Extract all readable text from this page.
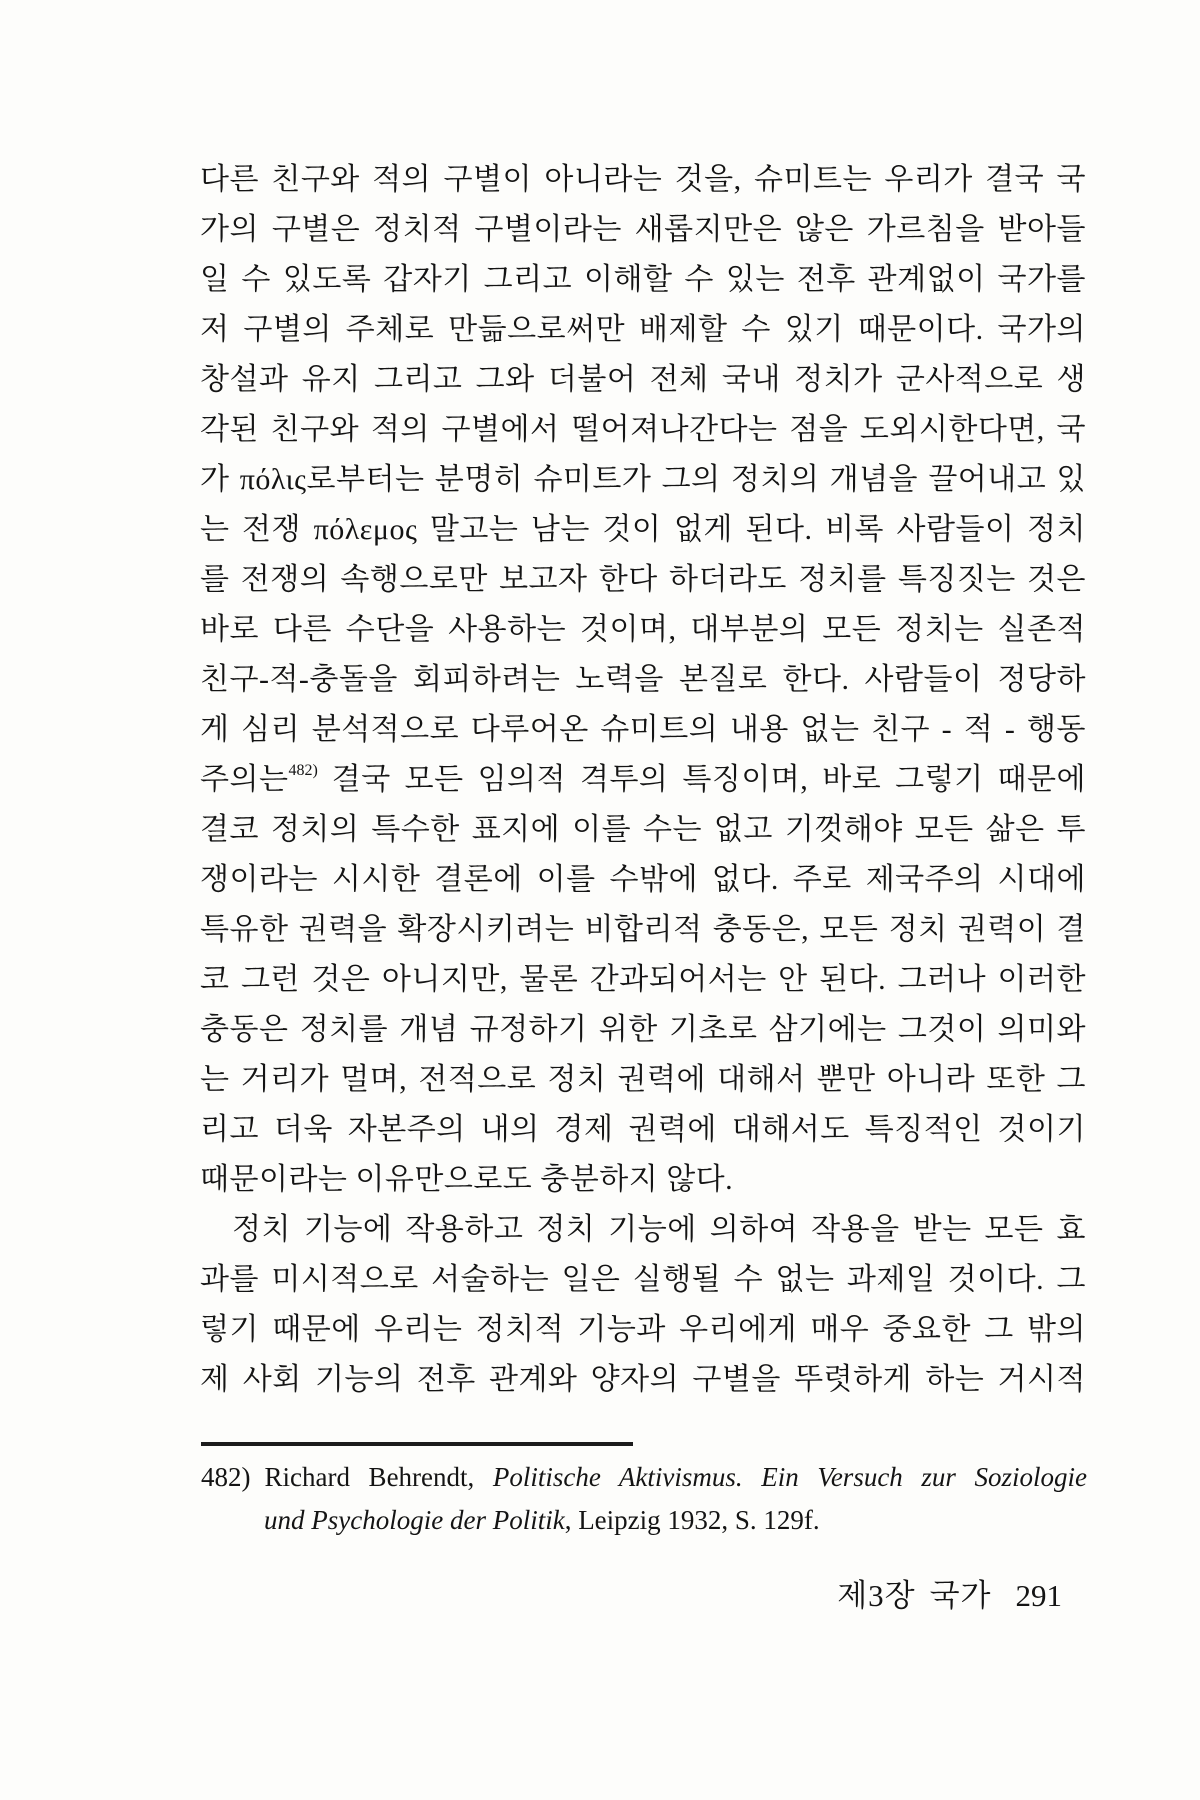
다른 친구와 적의 구별이 아니라는 것을, 슈미트는 우리가 결국 국
가의 구별은 정치적 구별이라는 새롭지만은 않은 가르침을 받아들
일 수 있도록 갑자기 그리고 이해할 수 있는 전후 관계없이 국가를
저 구별의 주체로 만듦으로써만 배제할 수 있기 때문이다. 국가의
창설과 유지 그리고 그와 더불어 전체 국내 정치가 군사적으로 생
각된 친구와 적의 구별에서 떨어져나간다는 점을 도외시한다면, 국
가 πόλις로부터는 분명히 슈미트가 그의 정치의 개념을 끌어내고 있
는 전쟁 πόλεμος 말고는 남는 것이 없게 된다. 비록 사람들이 정치
를 전쟁의 속행으로만 보고자 한다 하더라도 정치를 특징짓는 것은
바로 다른 수단을 사용하는 것이며, 대부분의 모든 정치는 실존적
친구-적-충돌을 회피하려는 노력을 본질로 한다. 사람들이 정당하
게 심리 분석적으로 다루어온 슈미트의 내용 없는 친구 - 적 - 행동
주의는$^{482)}$ 결국 모든 임의적 격투의 특징이며, 바로 그렇기 때문에
결코 정치의 특수한 표지에 이를 수는 없고 기껏해야 모든 삶은 투
쟁이라는 시시한 결론에 이를 수밖에 없다. 주로 제국주의 시대에
특유한 권력을 확장시키려는 비합리적 충동은, 모든 정치 권력이 결
코 그런 것은 아니지만, 물론 간과되어서는 안 된다. 그러나 이러한
충동은 정치를 개념 규정하기 위한 기초로 삼기에는 그것이 의미와
는 거리가 멀며, 전적으로 정치 권력에 대해서 뿐만 아니라 또한 그
리고 더욱 자본주의 내의 경제 권력에 대해서도 특징적인 것이기
때문이라는 이유만으로도 충분하지 않다.
정치 기능에 작용하고 정치 기능에 의하여 작용을 받는 모든 효
과를 미시적으로 서술하는 일은 실행될 수 없는 과제일 것이다. 그
렇기 때문에 우리는 정치적 기능과 우리에게 매우 중요한 그 밖의
제 사회 기능의 전후 관계와 양자의 구별을 뚜렷하게 하는 거시적
482) Richard Behrendt, Politische Aktivismus. Ein Versuch zur Soziologie
und Psychologie der Politik, Leipzig 1932, S. 129f.
제3장 국가 291
